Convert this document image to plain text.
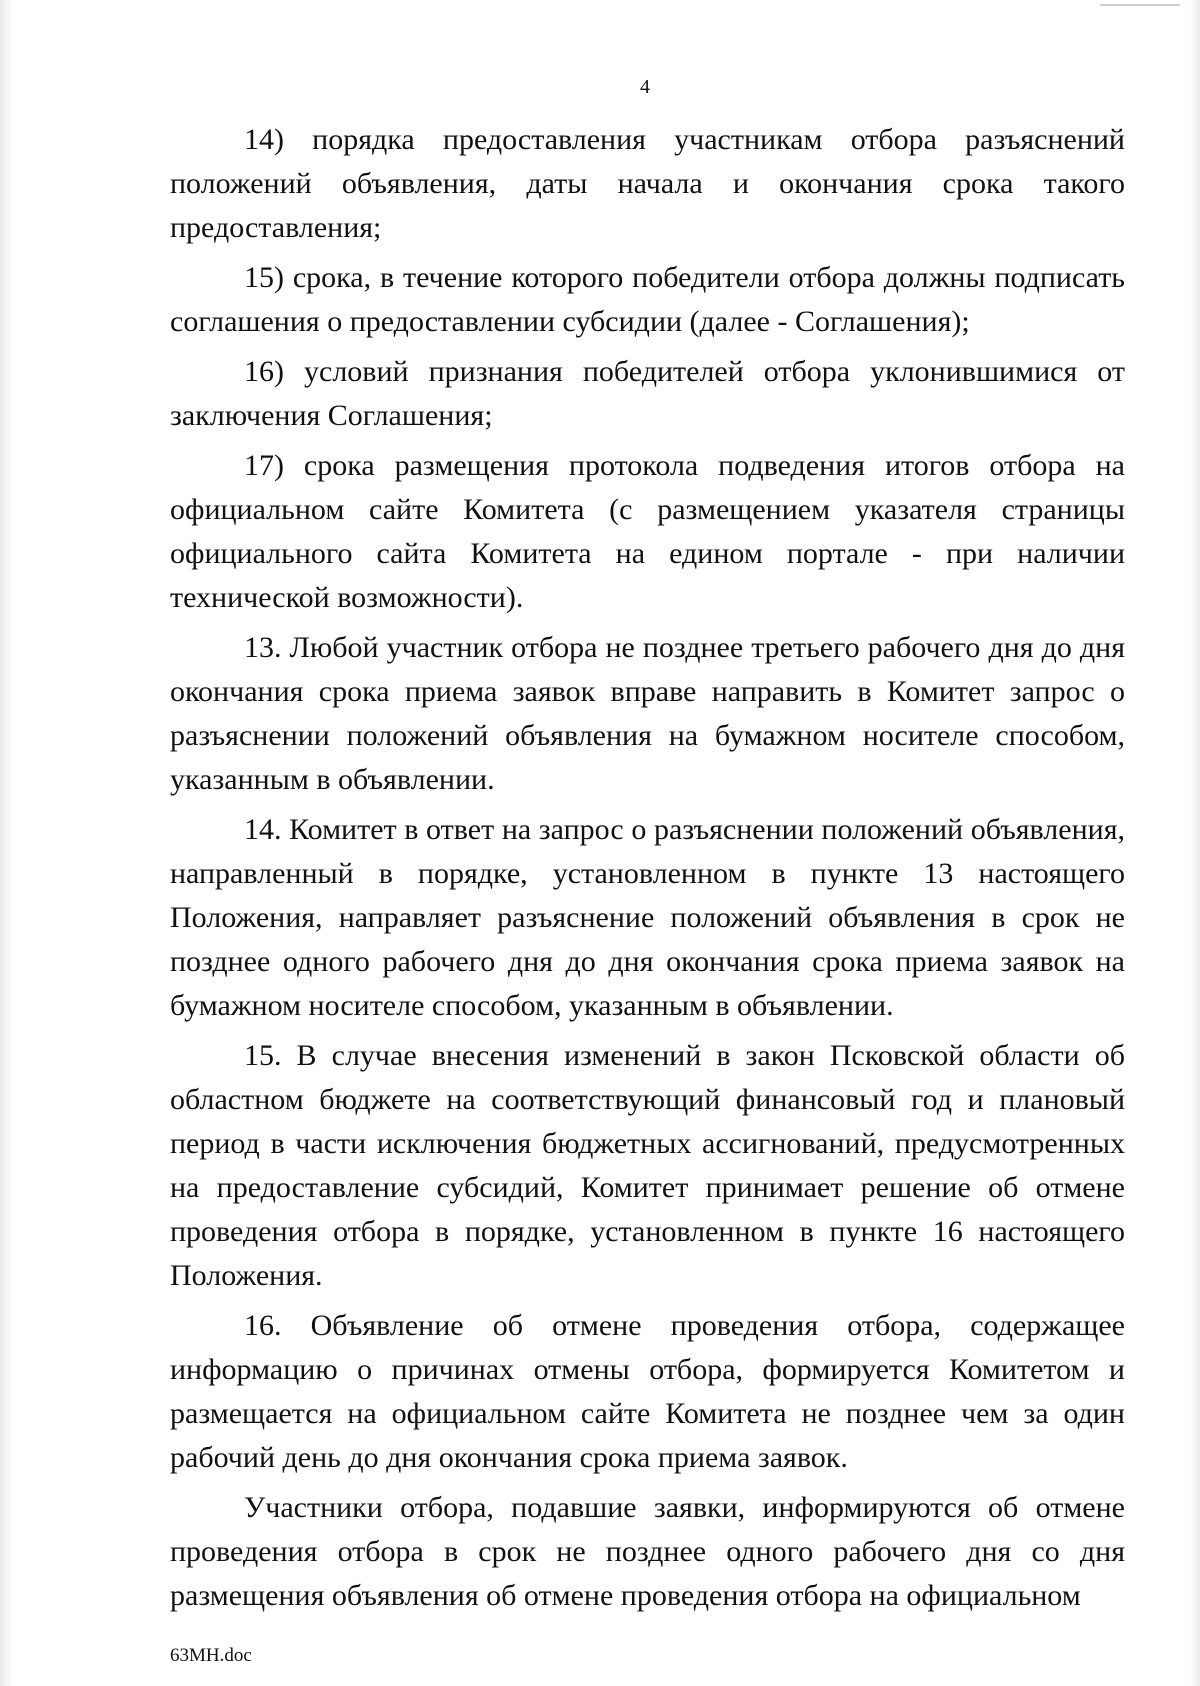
4

14) порядка предоставления участникам отбора разъяснений положений объявления, даты начала и окончания срока такого предоставления;

15) срока, в течение которого победители отбора должны подписать соглашения о предоставлении субсидии (далее - Соглашения);

16) условий признания победителей отбора уклонившимися от заключения Соглашения;

17) срока размещения протокола подведения итогов отбора на официальном сайте Комитета (с размещением указателя страницы официального сайта Комитета на едином портале - при наличии технической возможности).

13. Любой участник отбора не позднее третьего рабочего дня до дня окончания срока приема заявок вправе направить в Комитет запрос о разъяснении положений объявления на бумажном носителе способом, указанным в объявлении.

14. Комитет в ответ на запрос о разъяснении положений объявления, направленный в порядке, установленном в пункте 13 настоящего Положения, направляет разъяснение положений объявления в срок не позднее одного рабочего дня до дня окончания срока приема заявок на бумажном носителе способом, указанным в объявлении.

15. В случае внесения изменений в закон Псковской области об областном бюджете на соответствующий финансовый год и плановый период в части исключения бюджетных ассигнований, предусмотренных на предоставление субсидий, Комитет принимает решение об отмене проведения отбора в порядке, установленном в пункте 16 настоящего Положения.

16. Объявление об отмене проведения отбора, содержащее информацию о причинах отмены отбора, формируется Комитетом и размещается на официальном сайте Комитета не позднее чем за один рабочий день до дня окончания срока приема заявок.

Участники отбора, подавшие заявки, информируются об отмене проведения отбора в срок не позднее одного рабочего дня со дня размещения объявления об отмене проведения отбора на официальном

63МН.doc
